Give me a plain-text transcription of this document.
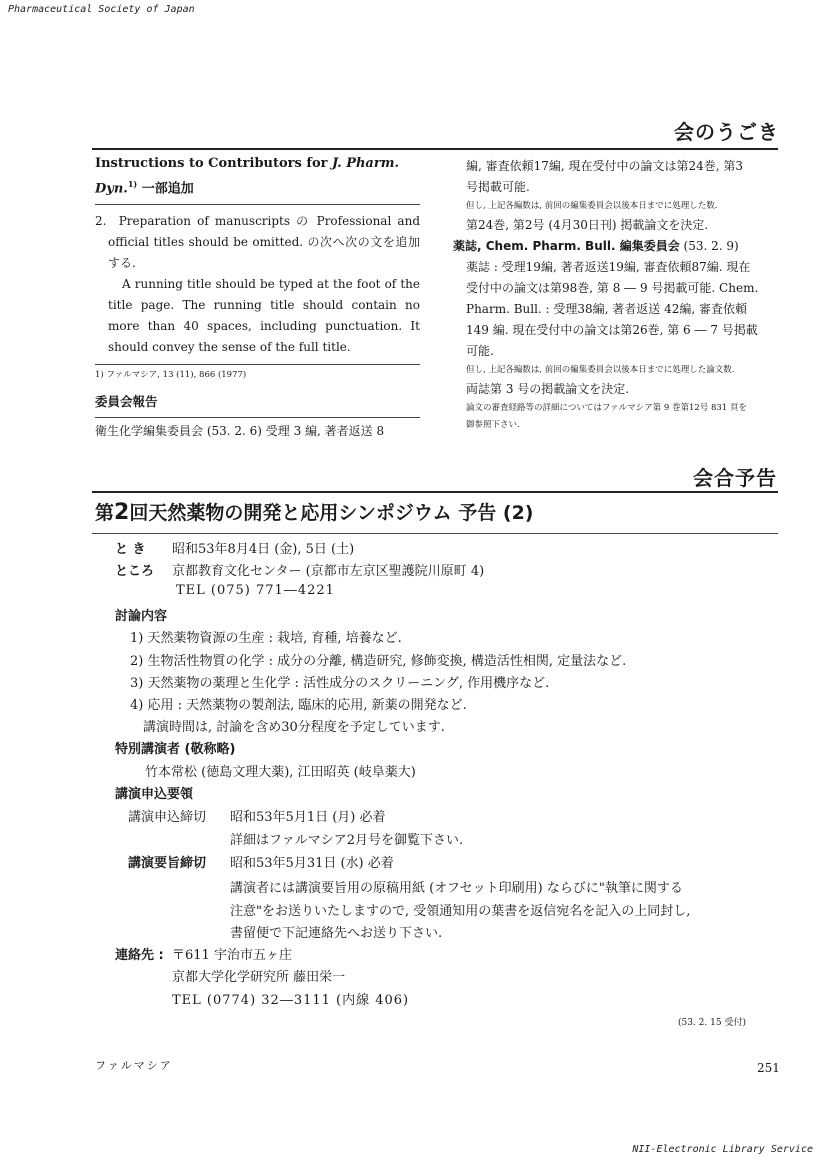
Pharmaceutical Society of Japan
会のうごき
Instructions to Contributors for J. Pharm. Dyn.$^{1)}$ 一部追加

2. Preparation of manuscripts の Professional and official titles should be omitted. の次へ次の文を追加する.

A running title should be typed at the foot of the title page. The running title should contain no more than 40 spaces, including punctuation. It should convey the sense of the full title.

1) ファルマシア, 13 (11), 866 (1977)
委員会報告
衛生化学編集委員会 (53. 2. 6) 受理 3 編, 著者返送 8

編, 審査依頼17編, 現在受付中の論文は第24巻, 第3

号掲載可能.

但し, 上記各編数は, 前回の編集委員会以後本日までに処理した数.

第24巻, 第2号 (4月30日刊) 掲載論文を決定.

薬誌, Chem. Pharm. Bull. 編集委員会 (53. 2. 9)

薬誌 : 受理19編, 著者返送19編, 審査依頼87編. 現在

受付中の論文は第98巻, 第 8 ― 9 号掲載可能. Chem.

Pharm. Bull. : 受理38編, 著者返送 42編, 審査依頼

149 編. 現在受付中の論文は第26巻, 第 6 ― 7 号掲載

可能.

但し, 上記各編数は, 前回の編集委員会以後本日までに処理した論文数.

両誌第 3 号の掲載論文を決定.

論文の審査経路等の詳細についてはファルマシア第 9 巻第12号 831 頁を

御参照下さい.

会合予告
第2回天然薬物の開発と応用シンポジウム 予告 (2)
と き 昭和53年8月4日 (金), 5日 (土)
ところ 京都教育文化センター (京都市左京区聖護院川原町 4)
TEL (075) 771―4221
討論内容
1) 天然薬物資源の生産 : 栽培, 育種, 培養など.
2) 生物活性物質の化学 : 成分の分離, 構造研究, 修飾変換, 構造活性相関, 定量法など.
3) 天然薬物の薬理と生化学 : 活性成分のスクリーニング, 作用機序など.
4) 応用 : 天然薬物の製剤法, 臨床的応用, 新薬の開発など.
講演時間は, 討論を含め30分程度を予定しています.
特別講演者 (敬称略)
竹本常松 (徳島文理大薬), 江田昭英 (岐阜薬大)
講演申込要領
講演申込締切 昭和53年5月1日 (月) 必着
詳細はファルマシア2月号を御覧下さい.
講演要旨締切 昭和53年5月31日 (水) 必着
講演者には講演要旨用の原稿用紙 (オフセット印刷用) ならびに"執筆に関する
注意"をお送りいたしますので, 受領通知用の葉書を返信宛名を記入の上同封し,
書留便で下記連絡先へお送り下さい.
連絡先 : 〒611 宇治市五ヶ庄
京都大学化学研究所 藤田栄一
TEL (0774) 32―3111 (内線 406)
(53. 2. 15 受付)
ファルマシア	251
NII-Electronic Library Service
